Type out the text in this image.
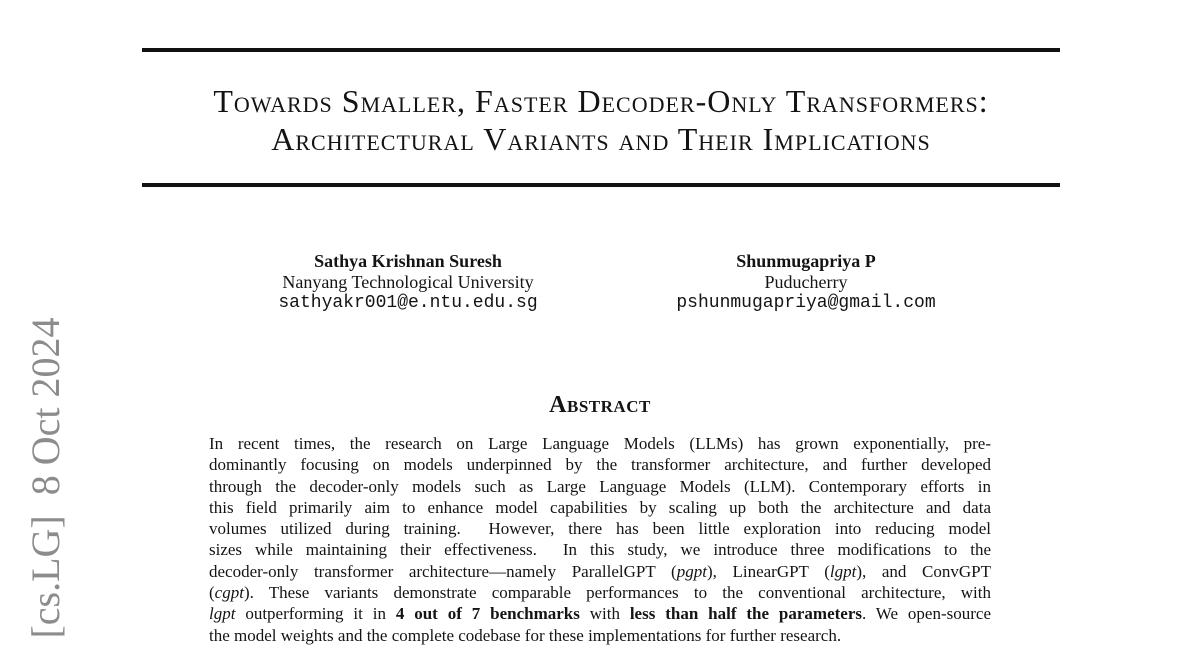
[cs.LG]  8 Oct 2024
Towards Smaller, Faster Decoder-Only Transformers:
Architectural Variants and Their Implications
Sathya Krishnan Suresh
Nanyang Technological University
sathyakr001@e.ntu.edu.sg
Shunmugapriya P
Puducherry
pshunmugapriya@gmail.com
Abstract
In recent times, the research on Large Language Models (LLMs) has grown exponentially, pre-
dominantly focusing on models underpinned by the transformer architecture, and further developed
through the decoder-only models such as Large Language Models (LLM). Contemporary efforts in
this field primarily aim to enhance model capabilities by scaling up both the architecture and data
volumes utilized during training.  However, there has been little exploration into reducing model
sizes while maintaining their effectiveness.  In this study, we introduce three modifications to the
decoder-only transformer architecture—namely ParallelGPT (pgpt), LinearGPT (lgpt), and ConvGPT
(cgpt). These variants demonstrate comparable performances to the conventional architecture, with
lgpt outperforming it in 4 out of 7 benchmarks with less than half the parameters. We open-source
the model weights and the complete codebase for these implementations for further research.
